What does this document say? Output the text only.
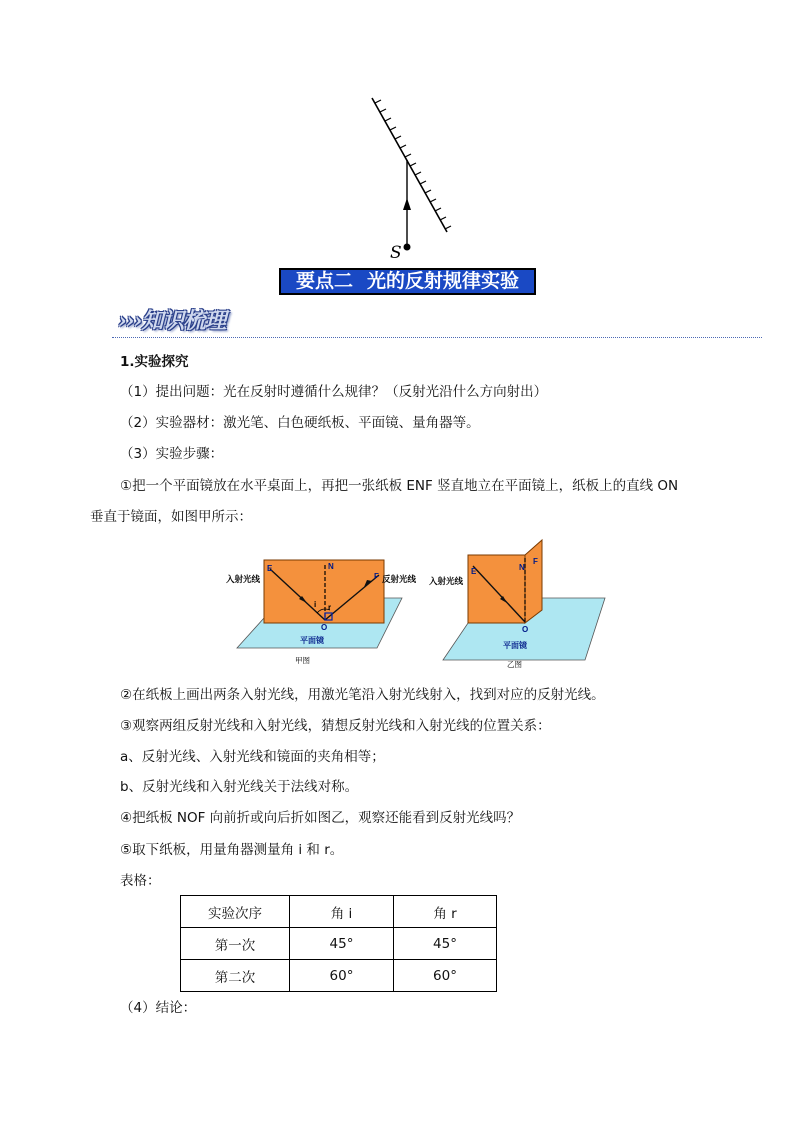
S
要点二 光的反射规律实验
›››知识梳理
1.实验探究
（1）提出问题：光在反射时遵循什么规律？（反射光沿什么方向射出）
（2）实验器材：激光笔、白色硬纸板、平面镜、量角器等。
（3）实验步骤：
①把一个平面镜放在水平桌面上，再把一张纸板 ENF 竖直地立在平面镜上，纸板上的直线 ON
垂直于镜面，如图甲所示：
入射光线	反射光线
E
F
N
i r
O
平面镜
甲图
入射光线
E	N
F
O
平面镜
乙图
②在纸板上画出两条入射光线，用激光笔沿入射光线射入，找到对应的反射光线。
③观察两组反射光线和入射光线，猜想反射光线和入射光线的位置关系：
a、反射光线、入射光线和镜面的夹角相等；
b、反射光线和入射光线关于法线对称。
④把纸板 NOF 向前折或向后折如图乙，观察还能看到反射光线吗？
⑤取下纸板，用量角器测量角 i 和 r。
表格：
实验次序	角 i	角 r
第一次	45°	45°
第二次	60°	60°
（4）结论：
